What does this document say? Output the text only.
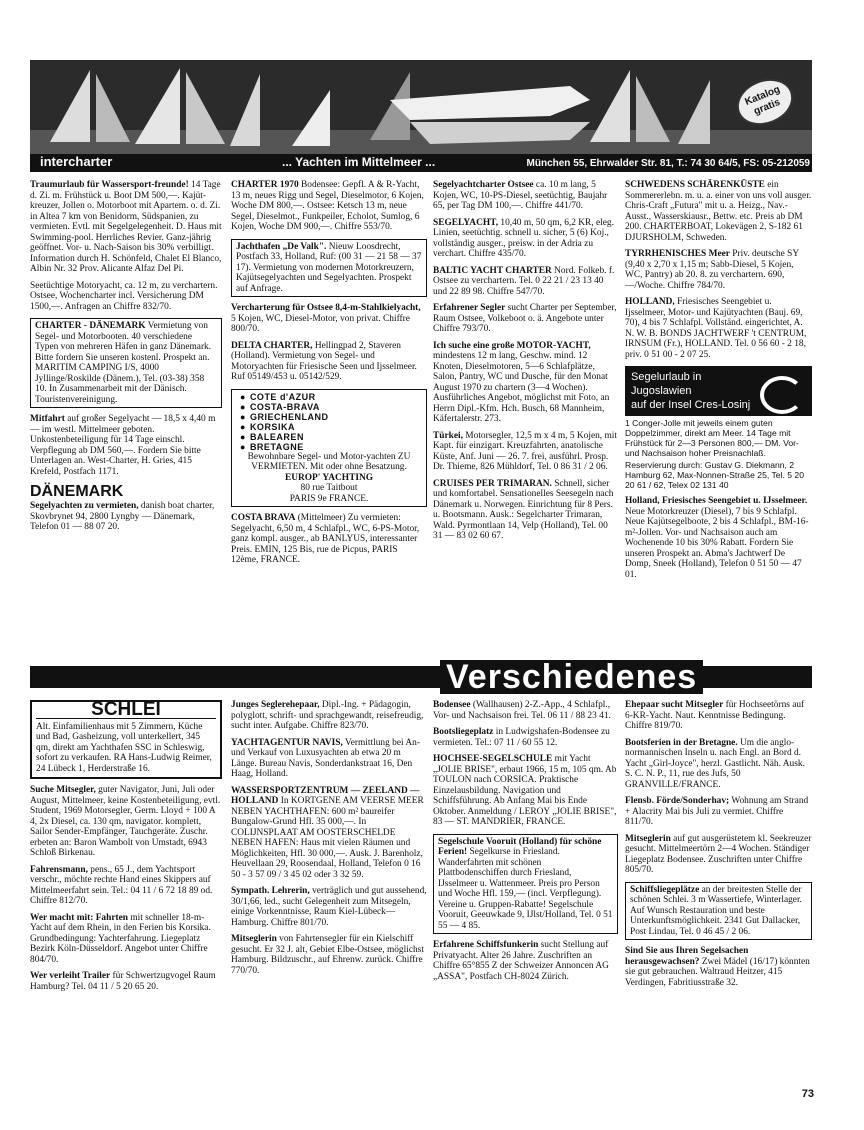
intercharter	... Yachten im Mittelmeer ...	München 55, Ehrwalder Str. 81, T.: 74 30 64/5, FS: 05-212059
Katalog gratis
Traumurlaub für Wassersport-freunde! 14 Tage d. Zi. m. Frühstück u. Boot DM 500,—. Kajüt-kreuzer, Jollen o. Motorboot mit Apartem. o. d. Zi. in Altea 7 km von Benidorm, Südspanien, zu vermieten. Evtl. mit Segelgelegenheit. D. Haus mit Swimming-pool. Herrliches Revier. Ganz-jährig geöffnet. Vor- u. Nach-Saison bis 30% verbilligt. Information durch H. Schönfeld, Chalet El Blanco, Albin Nr. 32 Prov. Alicante Alfaz Del Pi.
Seetüchtige Motoryacht, ca. 12 m, zu verchartern. Ostsee, Wochencharter incl. Versicherung DM 1500,—. Anfragen an Chiffre 832/70.
CHARTER - DÄNEMARK Vermietung von Segel- und Motorbooten. 40 verschiedene Typen von mehreren Häfen in ganz Dänemark. Bitte fordern Sie unseren kostenl. Prospekt an. MARITIM CAMPING I/S, 4000 Jyllinge/Roskilde (Dänem.), Tel. (03-38) 358 10. In Zusammenarbeit mit der Dänisch. Touristenvereinigung.
Mitfahrt auf großer Segelyacht — 18,5 x 4,40 m — im westl. Mittelmeer geboten. Unkostenbeteiligung für 14 Tage einschl. Verpflegung ab DM 560,—. Fordern Sie bitte Unterlagen an. West-Charter, H. Gries, 415 Krefeld, Postfach 1171.
DÄNEMARK
Segelyachten zu vermieten, danish boat charter, Skovbrynet 94, 2800 Lyngby — Dänemark, Telefon 01 — 88 07 20.
CHARTER 1970 Bodensee: Gepfl. A & R-Yacht, 13 m, neues Rigg und Segel, Dieselmotor, 6 Kojen, Woche DM 800,—. Ostsee: Ketsch 13 m, neue Segel, Dieselmot., Funkpeiler, Echolot, Sumlog, 6 Kojen, Woche DM 900,—. Chiffre 553/70.
Jachthafen „De Valk". Nieuw Loosdrecht, Postfach 33, Holland, Ruf: (00 31 — 21 58 — 37 17). Vermietung von modernen Motorkreuzern, Kajütsegelyachten und Segelyachten. Prospekt auf Anfrage.
Vercharterung für Ostsee 8,4-m-Stahlkielyacht, 5 Kojen, WC, Diesel-Motor, von privat. Chiffre 800/70.
DELTA CHARTER, Hellingpad 2, Staveren (Holland). Vermietung von Segel- und Motoryachten für Friesische Seen und Ijsselmeer. Ruf 05149/453 u. 05142/529.
● COTE d'AZUR
● COSTA-BRAVA
● GRIECHENLAND
● KORSIKA
● BALEAREN
● BRETAGNE
Bewohnbare Segel- und Motor-yachten ZU VERMIETEN. Mit oder ohne Besatzung.
EUROP' YACHTING
80 rue Taitbout
PARIS 9e FRANCE.
COSTA BRAVA (Mittelmeer) Zu vermieten: Segelyacht, 6,50 m, 4 Schlafpl., WC, 6-PS-Motor, ganz kompl. ausger., ab BANLYUS, interessanter Preis. EMIN, 125 Bis, rue de Picpus, PARIS 12ème, FRANCE.
Segelyachtcharter Ostsee ca. 10 m lang, 5 Kojen, WC, 10-PS-Diesel, seetüchtig, Baujahr 65, per Tag DM 100,—. Chiffre 441/70.
SEGELYACHT, 10,40 m, 50 qm, 6,2 KR, eleg. Linien, seetüchtig. schnell u. sicher, 5 (6) Koj., vollständig ausger., preisw. in der Adria zu verchart. Chiffre 435/70.
BALTIC YACHT CHARTER Nord. Folkeb. f. Ostsee zu verchartern. Tel. 0 22 21 / 23 13 40 und 22 89 98. Chiffre 547/70.
Erfahrener Segler sucht Charter per September, Raum Ostsee, Volkeboot o. ä. Angebote unter Chiffre 793/70.
Ich suche eine große MOTOR-YACHT, mindestens 12 m lang, Geschw. mind. 12 Knoten, Dieselmotoren, 5—6 Schlafplätze, Salon, Pantry, WC und Dusche, für den Monat August 1970 zu chartern (3—4 Wochen). Ausführliches Angebot, möglichst mit Foto, an Herrn Dipl.-Kfm. Hch. Busch, 68 Mannheim, Käfertalerstr. 273.
Türkei, Motorsegler, 12,5 m x 4 m, 5 Kojen, mit Kapt. für einzigart. Kreuzfahrten, anatolische Küste, Anf. Juni — 26. 7. frei, ausführl. Prosp. Dr. Thieme, 826 Mühldorf, Tel. 0 86 31 / 2 06.
CRUISES PER TRIMARAN. Schnell, sicher und komfortabel. Sensationelles Seesegeln nach Dänemark u. Norwegen. Einrichtung für 8 Pers. u. Bootsmann. Ausk.: Segelcharter Trimaran, Wald. Pyrmontlaan 14, Velp (Holland), Tel. 00 31 — 83 02 60 67.
SCHWEDENS SCHÄRENKÜSTE ein Sommererlebn. m. u. a. einer von uns voll ausger. Chris-Craft „Futura" mit u. a. Heizg., Nav.-Ausst., Wasserskiausr., Bettw. etc. Preis ab DM 200. CHARTERBOAT, Lokevägen 2, S-182 61 DJURSHOLM, Schweden.
TYRRHENISCHES Meer Priv. deutsche SY (9,40 x 2,70 x 1,15 m; Sabb-Diesel, 5 Kojen, WC, Pantry) ab 20. 8. zu verchartern. 690,—/Woche. Chiffre 784/70.
HOLLAND, Friesisches Seengebiet u. Ijsselmeer, Motor- und Kajütyachten (Bauj. 69, 70), 4 bis 7 Schlafpl. Vollständ. eingerichtet, A. N. W. B. BONDS JACHTWERF 't CENTRUM, IRNSUM (Fr.), HOLLAND. Tel. 0 56 60 - 2 18, priv. 0 51 00 - 2 07 25.
Segelurlaub in
Jugoslawien
auf der Insel Cres-Losinj
1 Conger-Jolle mit jeweils einem guten Doppelzimmer, direkt am Meer. 14 Tage mit Frühstück für 2—3 Personen 800,— DM. Vor- und Nachsaison hoher Preisnachlaß.
Reservierung durch: Gustav G. Diekmann, 2 Hamburg 62, Max-Nonnen-Straße 25, Tel. 5 20 20 61 / 62, Telex 02 131 40
Holland, Friesisches Seengebiet u. IJsselmeer. Neue Motorkreuzer (Diesel), 7 bis 9 Schlafpl. Neue Kajütsegelboote, 2 bis 4 Schlafpl., BM-16-m²-Jollen. Vor- und Nachsaison auch am Wochenende 10 bis 30% Rabatt. Fordern Sie unseren Prospekt an. Abma's Jachtwerf De Domp, Sneek (Holland), Telefon 0 51 50 — 47 01.
Verschiedenes
SCHLEI
Alt. Einfamilienhaus mit 5 Zimmern, Küche und Bad, Gasheizung, voll unterkellert, 345 qm, direkt am Yachthafen SSC in Schleswig, sofort zu verkaufen. RA Hans-Ludwig Reimer, 24 Lübeck 1, Herderstraße 16.
Suche Mitsegler, guter Navigator, Juni, Juli oder August, Mittelmeer, keine Kostenbeteiligung, evtl. Student, 1969 Motorsegler, Germ. Lloyd + 100 A 4, 2x Diesel, ca. 130 qm, navigator. komplett, Sailor Sender-Empfänger, Tauchgeräte. Zuschr. erbeten an: Baron Wambolt von Umstadt, 6943 Schloß Birkenau.
Fahrensmann, pens., 65 J., dem Yachtsport verschr., möchte rechte Hand eines Skippers auf Mittelmeerfahrt sein. Tel.: 04 11 / 6 72 18 89 od. Chiffre 812/70.
Wer macht mit: Fahrten mit schneller 18-m-Yacht auf dem Rhein, in den Ferien bis Korsika. Grundbedingung: Yachterfahrung. Liegeplatz Bezirk Köln-Düsseldorf. Angebot unter Chiffre 804/70.
Wer verleiht Trailer für Schwertzugvogel Raum Hamburg? Tel. 04 11 / 5 20 65 20.
Junges Seglerehepaar, Dipl.-Ing. + Pädagogin, polyglott, schrift- und sprachgewandt, reisefreudig, sucht inter. Aufgabe. Chiffre 823/70.
YACHTAGENTUR NAVIS, Vermittlung bei An- und Verkauf von Luxusyachten ab etwa 20 m Länge. Bureau Navis, Sonderdankstraat 16, Den Haag, Holland.
WASSERSPORTZENTRUM — ZEELAND — HOLLAND In KORTGENE AM VEERSE MEER NEBEN YACHTHAFEN: 600 m² baureifer Bungalow-Grund Hfl. 35 000,—. In COLIJNSPLAAT AM OOSTERSCHELDE NEBEN HAFEN: Haus mit vielen Räumen und Möglichkeiten, Hfl. 30 000,—. Ausk. J. Barenholz, Heuvellaan 29, Roosendaal, Holland, Telefon 0 16 50 - 3 57 09 / 3 45 02 oder 3 32 59.
Sympath. Lehrerin, verträglich und gut aussehend, 30/1,66, led., sucht Gelegenheit zum Mitsegeln, einige Vorkenntnisse, Raum Kiel-Lübeck—Hamburg. Chiffre 801/70.
Mitseglerin von Fahrtensegler für ein Kielschiff gesucht. Er 32 J. alt, Gebiet Elbe-Ostsee, möglichst Hamburg. Bildzuschr., auf Ehrenw. zurück. Chiffre 770/70.
Bodensee (Wallhausen) 2-Z.-App., 4 Schlafpl., Vor- und Nachsaison frei. Tel. 06 11 / 88 23 41.
Bootsliegeplatz in Ludwigshafen-Bodensee zu vermieten. Tel.: 07 11 / 60 55 12.
HOCHSEE-SEGELSCHULE mit Yacht „JOLIE BRISE", erbaut 1966, 15 m, 105 qm. Ab TOULON nach CORSICA. Praktische Einzelausbildung. Navigation und Schiffsführung. Ab Anfang Mai bis Ende Oktober. Anmeldung / LEROY „JOLIE BRISE", 83 — ST. MANDRIER, FRANCE.
Segelschule Vooruit (Holland) für schöne Ferien! Segelkurse in Friesland. Wanderfahrten mit schönen Plattbodenschiffen durch Friesland, IJsselmeer u. Wattenmeer. Preis pro Person und Woche Hfl. 159,— (incl. Verpflegung). Vereine u. Gruppen-Rabatte! Segelschule Vooruit, Geeuwkade 9, IJlst/Holland, Tel. 0 51 55 — 4 85.
Erfahrene Schiffsfunkerin sucht Stellung auf Privatyacht. Alter 26 Jahre. Zuschriften an Chiffre 65°855 Z der Schweizer Annoncen AG „ASSA", Postfach CH-8024 Zürich.
Ehepaar sucht Mitsegler für Hochseetörns auf 6-KR-Yacht. Naut. Kenntnisse Bedingung. Chiffre 819/70.
Bootsferien in der Bretagne. Um die anglo-normannischen Inseln u. nach Engl. an Bord d. Yacht „Girl-Joyce", herzl. Gastlicht. Näh. Ausk. S. C. N. P., 11, rue des Jufs, 50 GRANVILLE/FRANCE.
Flensb. Förde/Sonderhav; Wohnung am Strand + Alacrity Mai bis Juli zu vermiet. Chiffre 811/70.
Mitseglerin auf gut ausgerüstetem kl. Seekreuzer gesucht. Mittelmeertörn 2—4 Wochen. Ständiger Liegeplatz Bodensee. Zuschriften unter Chiffre 805/70.
Schiffsliegeplätze an der breitesten Stelle der schönen Schlei. 3 m Wassertiefe, Winterlager. Auf Wunsch Restauration und beste Unterkunftsmöglichkeit. 2341 Gut Dallacker, Post Lindau, Tel. 0 46 45 / 2 06.
Sind Sie aus Ihren Segelsachen herausgewachsen? Zwei Mädel (16/17) könnten sie gut gebrauchen. Waltraud Heitzer, 415 Verdingen, Fabritiusstraße 32.
73
